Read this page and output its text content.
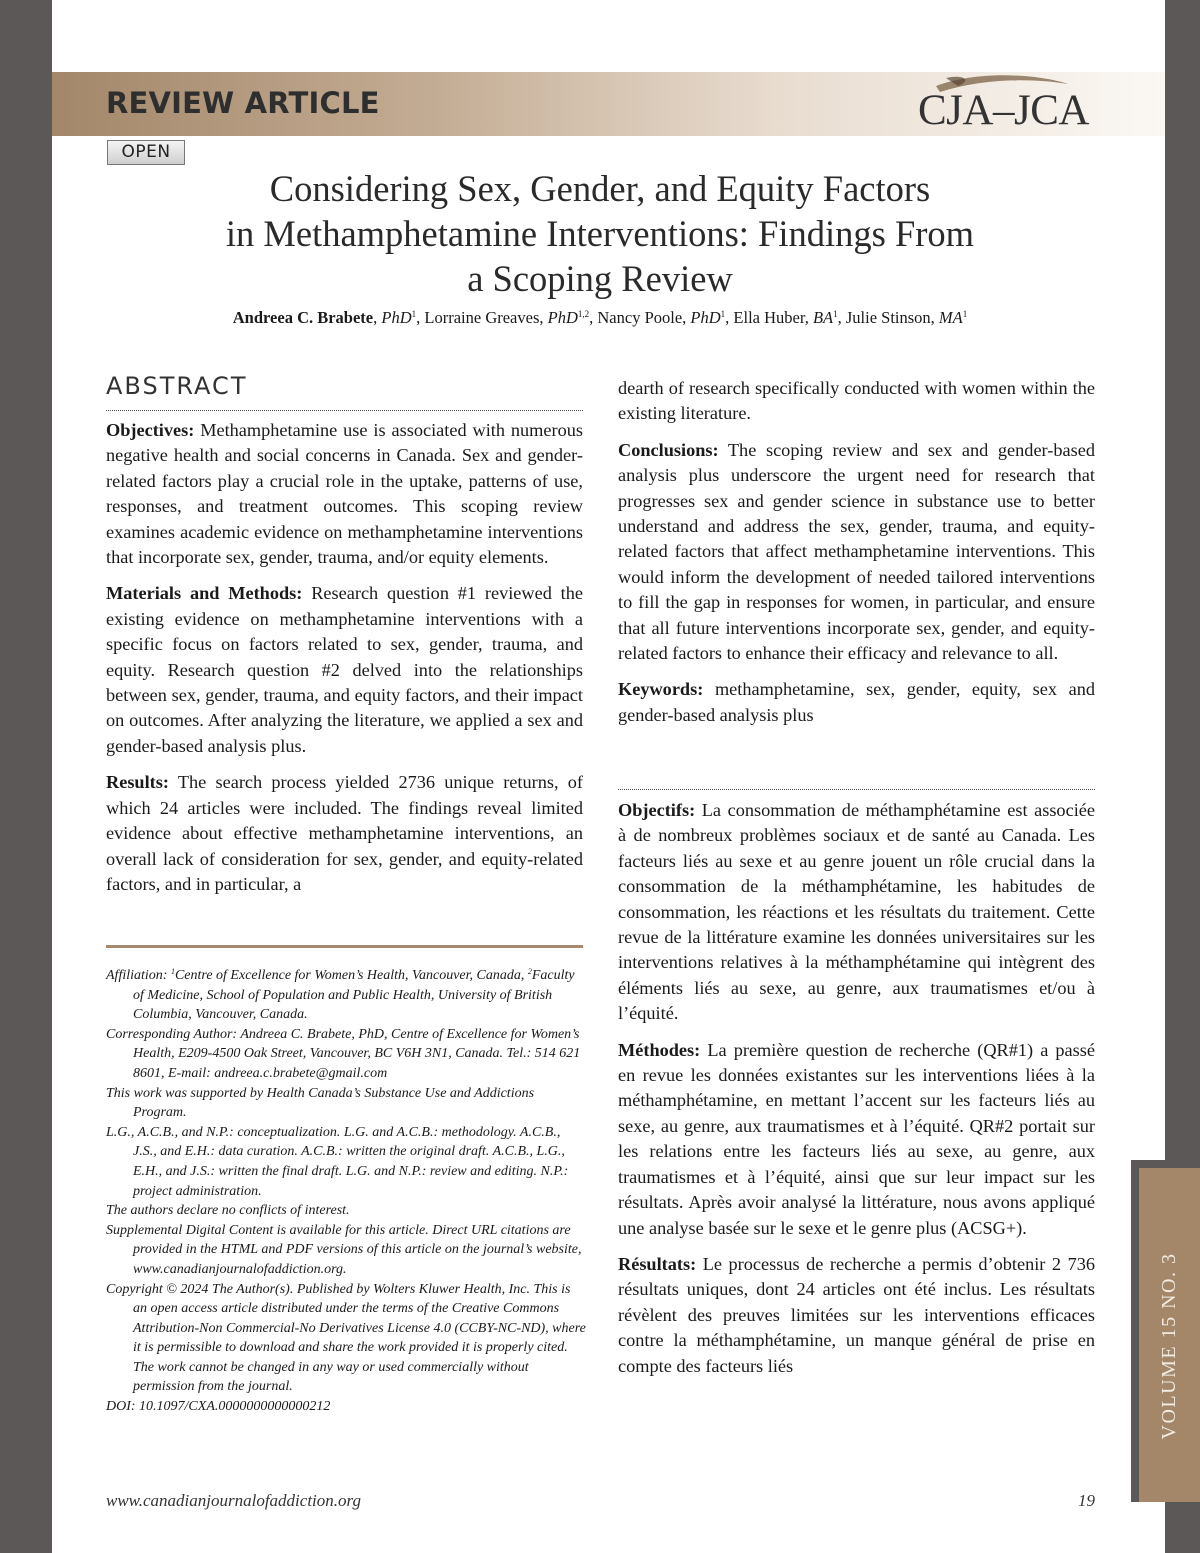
REVIEW ARTICLE	CJA–JCA
OPEN
Considering Sex, Gender, and Equity Factors
in Methamphetamine Interventions: Findings From
a Scoping Review
Andreea C. Brabete, PhD$^1$, Lorraine Greaves, PhD$^{1,2}$, Nancy Poole, PhD$^1$, Ella Huber, $BA^1$, Julie Stinson, $MA^1$
ABSTRACT

Objectives: Methamphetamine use is associated with numerous negative health and social concerns in Canada. Sex and gender-related factors play a crucial role in the uptake, patterns of use, responses, and treatment outcomes. This scoping review examines academic evidence on methamphetamine interventions that incorporate sex, gender, trauma, and/or equity elements.

Materials and Methods: Research question #1 reviewed the existing evidence on methamphetamine interventions with a specific focus on factors related to sex, gender, trauma, and equity. Research question #2 delved into the relationships between sex, gender, trauma, and equity factors, and their impact on outcomes. After analyzing the literature, we applied a sex and gender-based analysis plus.

Results: The search process yielded 2736 unique returns, of which 24 articles were included. The findings reveal limited evidence about effective methamphetamine interventions, an overall lack of consideration for sex, gender, and equity-related factors, and in particular, a

Affiliation: $^1$Centre of Excellence for Women’s Health, Vancouver, Canada, $^2$Faculty of Medicine, School of Population and Public Health, University of British Columbia, Vancouver, Canada.

Corresponding Author: Andreea C. Brabete, PhD, Centre of Excellence for Women’s Health, E209-4500 Oak Street, Vancouver, BC V6H 3N1, Canada. Tel.: 514 621 8601, E-mail: andreea.c.brabete@gmail.com

This work was supported by Health Canada’s Substance Use and Addictions Program.

L.G., A.C.B., and N.P.: conceptualization. L.G. and A.C.B.: methodology. A.C.B., J.S., and E.H.: data curation. A.C.B.: written the original draft. A.C.B., L.G., E.H., and J.S.: written the final draft. L.G. and N.P.: review and editing. N.P.: project administration.

The authors declare no conflicts of interest.

Supplemental Digital Content is available for this article. Direct URL citations are provided in the HTML and PDF versions of this article on the journal’s website, www.canadianjournalofaddiction.org.

Copyright © 2024 The Author(s). Published by Wolters Kluwer Health, Inc. This is an open access article distributed under the terms of the Creative Commons Attribution-Non Commercial-No Derivatives License 4.0 (CCBY-NC-ND), where it is permissible to download and share the work provided it is properly cited. The work cannot be changed in any way or used commercially without permission from the journal.

DOI: 10.1097/CXA.0000000000000212

dearth of research specifically conducted with women within the existing literature.

Conclusions: The scoping review and sex and gender-based analysis plus underscore the urgent need for research that progresses sex and gender science in substance use to better understand and address the sex, gender, trauma, and equity-related factors that affect methamphetamine interventions. This would inform the development of needed tailored interventions to fill the gap in responses for women, in particular, and ensure that all future interventions incorporate sex, gender, and equity-related factors to enhance their efficacy and relevance to all.

Keywords: methamphetamine, sex, gender, equity, sex and gender-based analysis plus

Objectifs: La consommation de méthamphétamine est associée à de nombreux problèmes sociaux et de santé au Canada. Les facteurs liés au sexe et au genre jouent un rôle crucial dans la consommation de la méthamphétamine, les habitudes de consommation, les réactions et les résultats du traitement. Cette revue de la littérature examine les données universitaires sur les interventions relatives à la méthamphétamine qui intègrent des éléments liés au sexe, au genre, aux traumatismes et/ou à l’équité.

Méthodes: La première question de recherche (QR#1) a passé en revue les données existantes sur les interventions liées à la méthamphétamine, en mettant l’accent sur les facteurs liés au sexe, au genre, aux traumatismes et à l’équité. QR#2 portait sur les relations entre les facteurs liés au sexe, au genre, aux traumatismes et à l’équité, ainsi que sur leur impact sur les résultats. Après avoir analysé la littérature, nous avons appliqué une analyse basée sur le sexe et le genre plus (ACSG+).

Résultats: Le processus de recherche a permis d’obtenir 2 736 résultats uniques, dont 24 articles ont été inclus. Les résultats révèlent des preuves limitées sur les interventions efficaces contre la méthamphétamine, un manque général de prise en compte des facteurs liés	VOLUME 15 NO. 3
www.canadianjournalofaddiction.org	19
